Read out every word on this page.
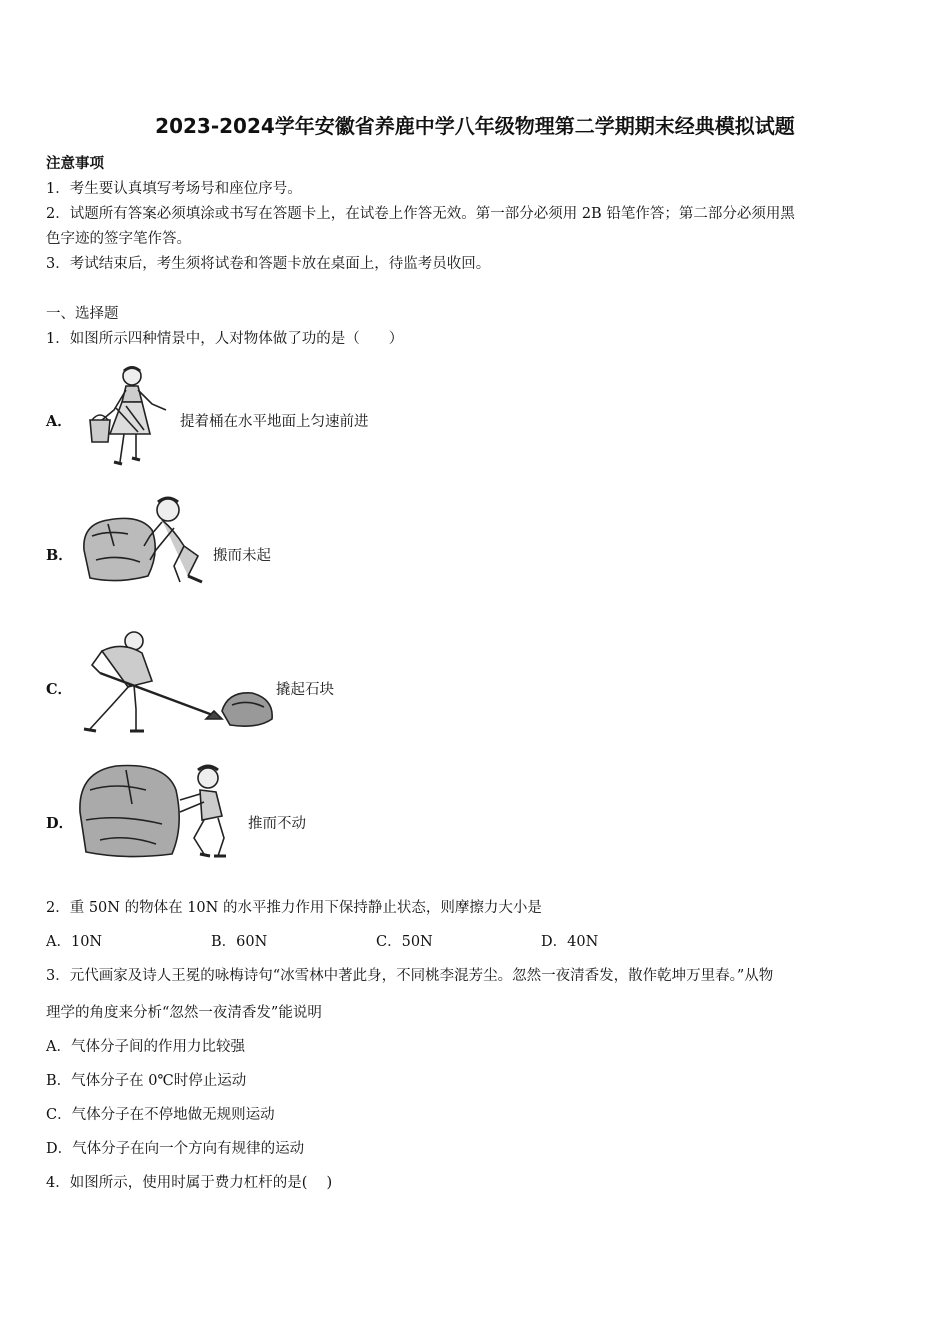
2023-2024学年安徽省养鹿中学八年级物理第二学期期末经典模拟试题
注意事项
1．考生要认真填写考场号和座位序号。
2．试题所有答案必须填涂或书写在答题卡上，在试卷上作答无效。第一部分必须用 2B 铅笔作答；第二部分必须用黑
色字迹的签字笔作答。
3．考试结束后，考生须将试卷和答题卡放在桌面上，待监考员收回。
一、选择题
1．如图所示四种情景中，人对物体做了功的是（　　）
A．	提着桶在水平地面上匀速前进
B．	搬而未起
C．	撬起石块
D．	推而不动
2．重 50N 的物体在 10N 的水平推力作用下保持静止状态，则摩擦力大小是
A．10N	B．60N	C．50N	D．40N
3．元代画家及诗人王冕的咏梅诗句“冰雪林中著此身，不同桃李混芳尘。忽然一夜清香发，散作乾坤万里春。”从物
理学的角度来分析“忽然一夜清香发”能说明
A．气体分子间的作用力比较强
B．气体分子在 0℃时停止运动
C．气体分子在不停地做无规则运动
D．气体分子在向一个方向有规律的运动
4．如图所示，使用时属于费力杠杆的是(　 )
